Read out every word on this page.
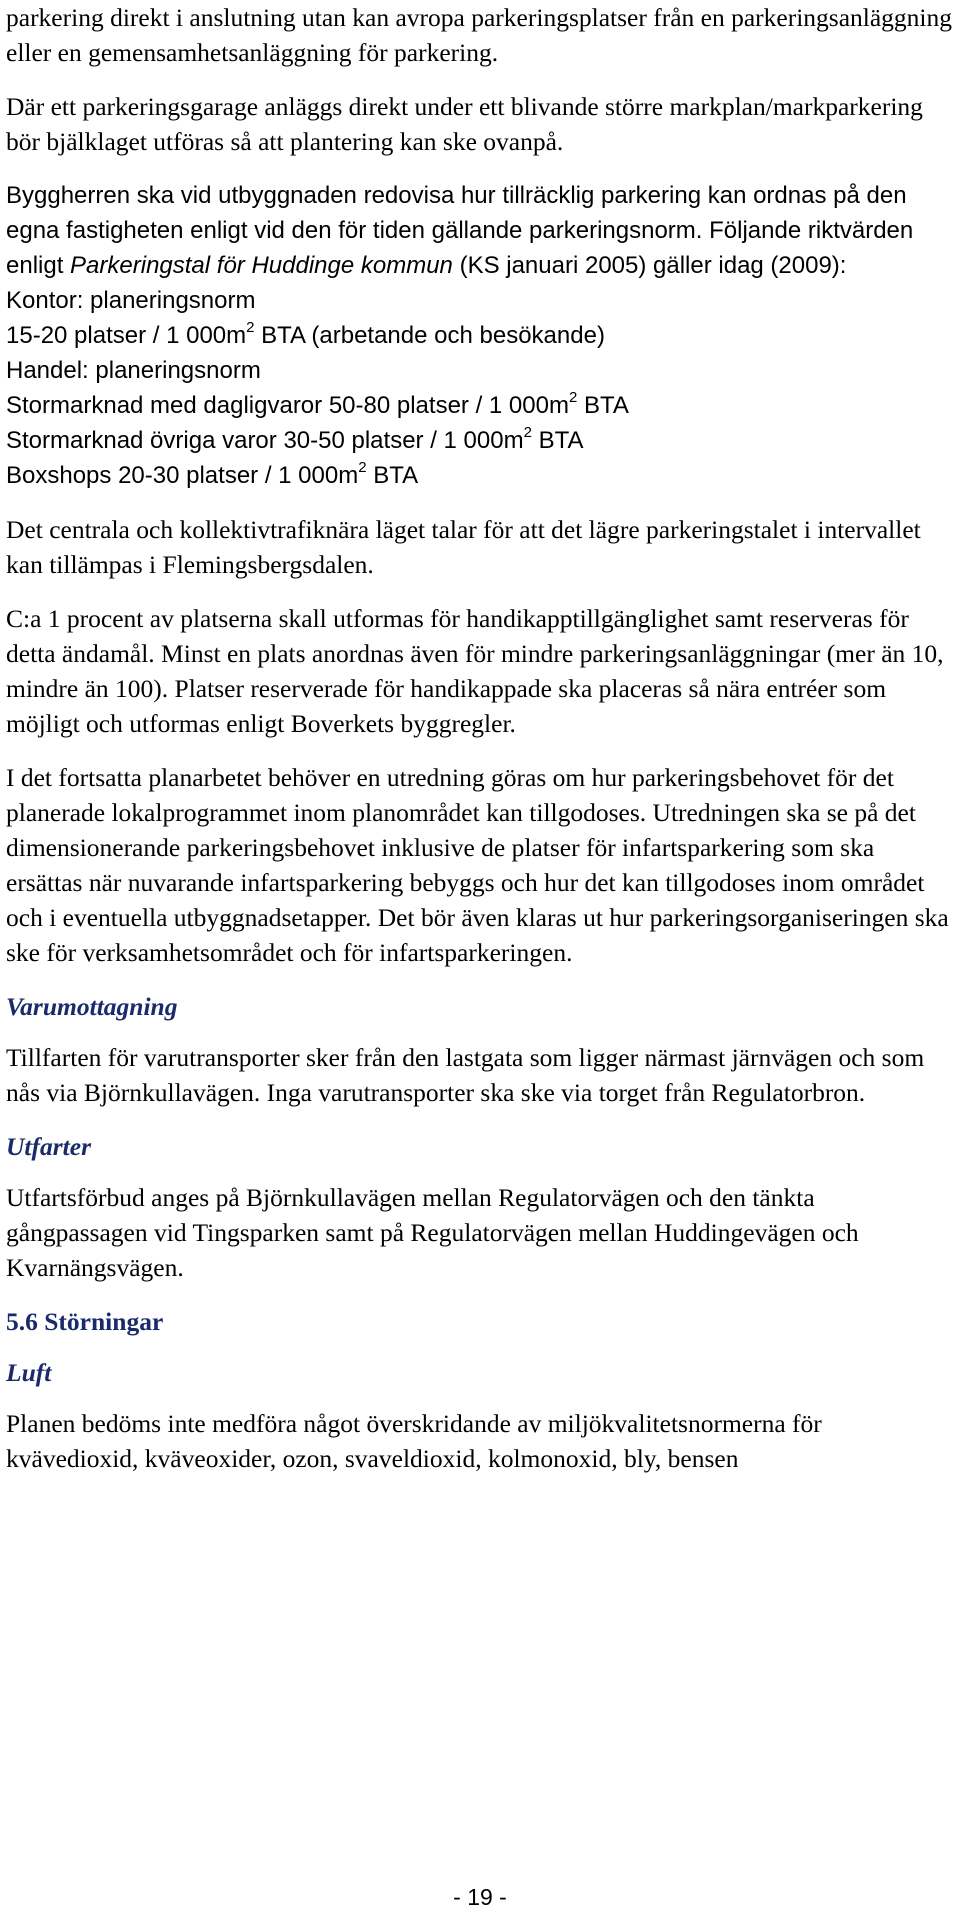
parkering direkt i anslutning utan kan avropa parkeringsplatser från en parkeringsanläggning eller en gemensamhetsanläggning för parkering.

Där ett parkeringsgarage anläggs direkt under ett blivande större markplan/markparkering bör bjälklaget utföras så att plantering kan ske ovanpå.

Byggherren ska vid utbyggnaden redovisa hur tillräcklig parkering kan ordnas på den egna fastigheten enligt vid den för tiden gällande parkeringsnorm. Följande riktvärden enligt Parkeringstal för Huddinge kommun (KS januari 2005) gäller idag (2009):

Kontor: planeringsnorm

15-20 platser / 1 $000m^2$ BTA (arbetande och besökande)

Handel: planeringsnorm

Stormarknad med dagligvaror 50-80 platser / 1 $000m^2$ BTA

Stormarknad övriga varor 30-50 platser / 1 $000m^2$ BTA

Boxshops 20-30 platser / 1 $000m^2$ BTA

Det centrala och kollektivtrafiknära läget talar för att det lägre parkeringstalet i intervallet kan tillämpas i Flemingsbergsdalen.

C:a 1 procent av platserna skall utformas för handikapptillgänglighet samt reserveras för detta ändamål. Minst en plats anordnas även för mindre parkeringsanläggningar (mer än 10, mindre än 100). Platser reserverade för handikappade ska placeras så nära entréer som möjligt och utformas enligt Boverkets byggregler.

I det fortsatta planarbetet behöver en utredning göras om hur parkeringsbehovet för det planerade lokalprogrammet inom planområdet kan tillgodoses. Utredningen ska se på det dimensionerande parkeringsbehovet inklusive de platser för infartsparkering som ska ersättas när nuvarande infartsparkering bebyggs och hur det kan tillgodoses inom området och i eventuella utbyggnadsetapper. Det bör även klaras ut hur parkeringsorganiseringen ska ske för verksamhetsområdet och för infartsparkeringen.

Varumottagning

Tillfarten för varutransporter sker från den lastgata som ligger närmast järnvägen och som nås via Björnkullavägen. Inga varutransporter ska ske via torget från Regulatorbron.

Utfarter

Utfartsförbud anges på Björnkullavägen mellan Regulatorvägen och den tänkta gångpassagen vid Tingsparken samt på Regulatorvägen mellan Huddingevägen och Kvarnängsvägen.

5.6 Störningar

Luft

Planen bedöms inte medföra något överskridande av miljökvalitetsnormerna för kvävedioxid, kväveoxider, ozon, svaveldioxid, kolmonoxid, bly, bensen

- 19 -
